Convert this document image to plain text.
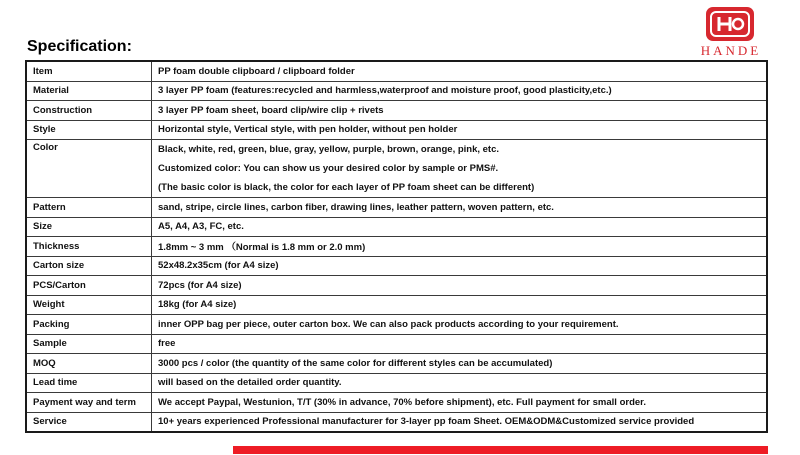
Specification:	HANDE
Item	PP foam double clipboard / clipboard folder
Material	3 layer PP foam (features:recycled and harmless,waterproof and moisture proof, good plasticity,etc.)
Construction	3 layer PP foam sheet, board clip/wire clip + rivets
Style	Horizontal style, Vertical style, with pen holder, without pen holder
Color	Black, white, red, green, blue, gray, yellow, purple, brown, orange, pink, etc.
Customized color: You can show us your desired color by sample or PMS#.
(The basic color is black, the color for each layer of PP foam sheet can be different)

Pattern	sand, stripe, circle lines, carbon fiber, drawing lines, leather pattern, woven pattern, etc.
Size	A5, A4, A3, FC, etc.
Thickness	1.8mm ~ 3 mm （Normal is 1.8 mm or 2.0 mm)
Carton size	52x48.2x35cm (for A4 size)
PCS/Carton	72pcs (for A4 size)
Weight	18kg (for A4 size)
Packing	inner OPP bag per piece, outer carton box. We can also pack products according to your requirement.
Sample	free
MOQ	3000 pcs / color (the quantity of the same color for different styles can be accumulated)
Lead time	will based on the detailed order quantity.
Payment way and term	We accept Paypal, Westunion, T/T (30% in advance, 70% before shipment), etc. Full payment for small order.
Service	10+ years experienced Professional manufacturer for 3-layer pp foam Sheet. OEM&ODM&Customized service provided
